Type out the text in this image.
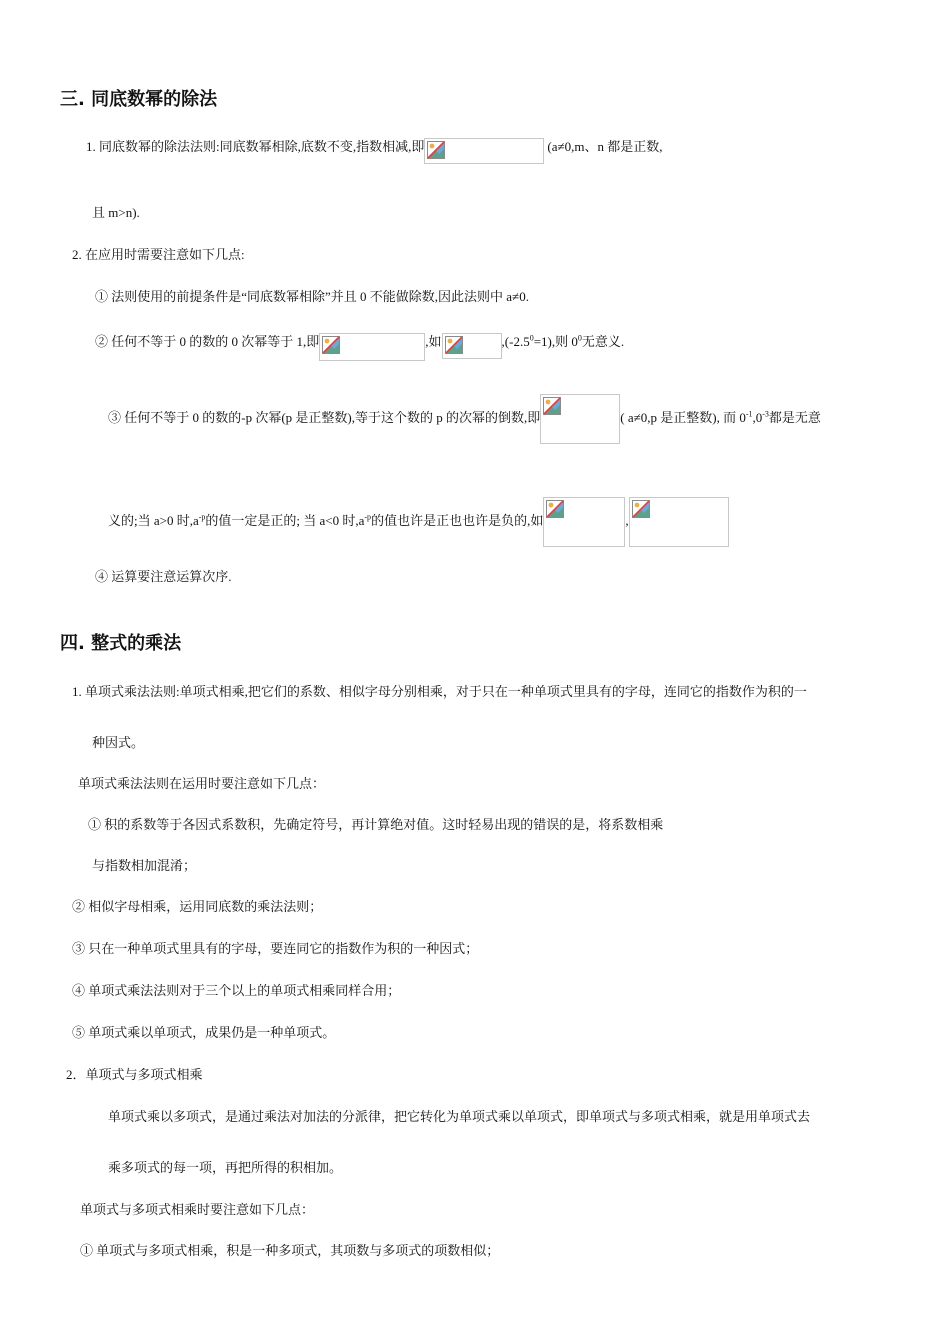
三. 同底数幂的除法
1. 同底数幂的除法法则:同底数幂相除,底数不变,指数相减,即	(a≠0,m、n 都是正数,
且 m>n).
2. 在应用时需要注意如下几点:
① 法则使用的前提条件是“同底数幂相除”并且 0 不能做除数,因此法则中 a≠0.
② 任何不等于 0 的数的 0 次幂等于 1,即	,如	$,(-2.5^0=1)$,则 $0^0$无意义.
③ 任何不等于 0 的数的-p 次幂(p 是正整数),等于这个数的 p 的次幂的倒数,即	( a≠0,p 是正整数), 而 $0^{-1},0^{-3}$都是无意
义的;当 a>0 时$,a^{-p}$的值一定是正的; 当 a<0 时$,a^{-p}$的值也许是正也也许是负的,如	,
④ 运算要注意运算次序.
四. 整式的乘法
1. 单项式乘法法则:单项式相乘,把它们的系数、相似字母分别相乘，对于只在一种单项式里具有的字母，连同它的指数作为积的一
种因式。
单项式乘法法则在运用时要注意如下几点：
① 积的系数等于各因式系数积，先确定符号，再计算绝对值。这时轻易出现的错误的是，将系数相乘
与指数相加混淆；
② 相似字母相乘，运用同底数的乘法法则；
③ 只在一种单项式里具有的字母，要连同它的指数作为积的一种因式；
④ 单项式乘法法则对于三个以上的单项式相乘同样合用；
⑤ 单项式乘以单项式，成果仍是一种单项式。
2．单项式与多项式相乘
单项式乘以多项式，是通过乘法对加法的分派律，把它转化为单项式乘以单项式，即单项式与多项式相乘，就是用单项式去
乘多项式的每一项，再把所得的积相加。
单项式与多项式相乘时要注意如下几点：
① 单项式与多项式相乘，积是一种多项式，其项数与多项式的项数相似；
